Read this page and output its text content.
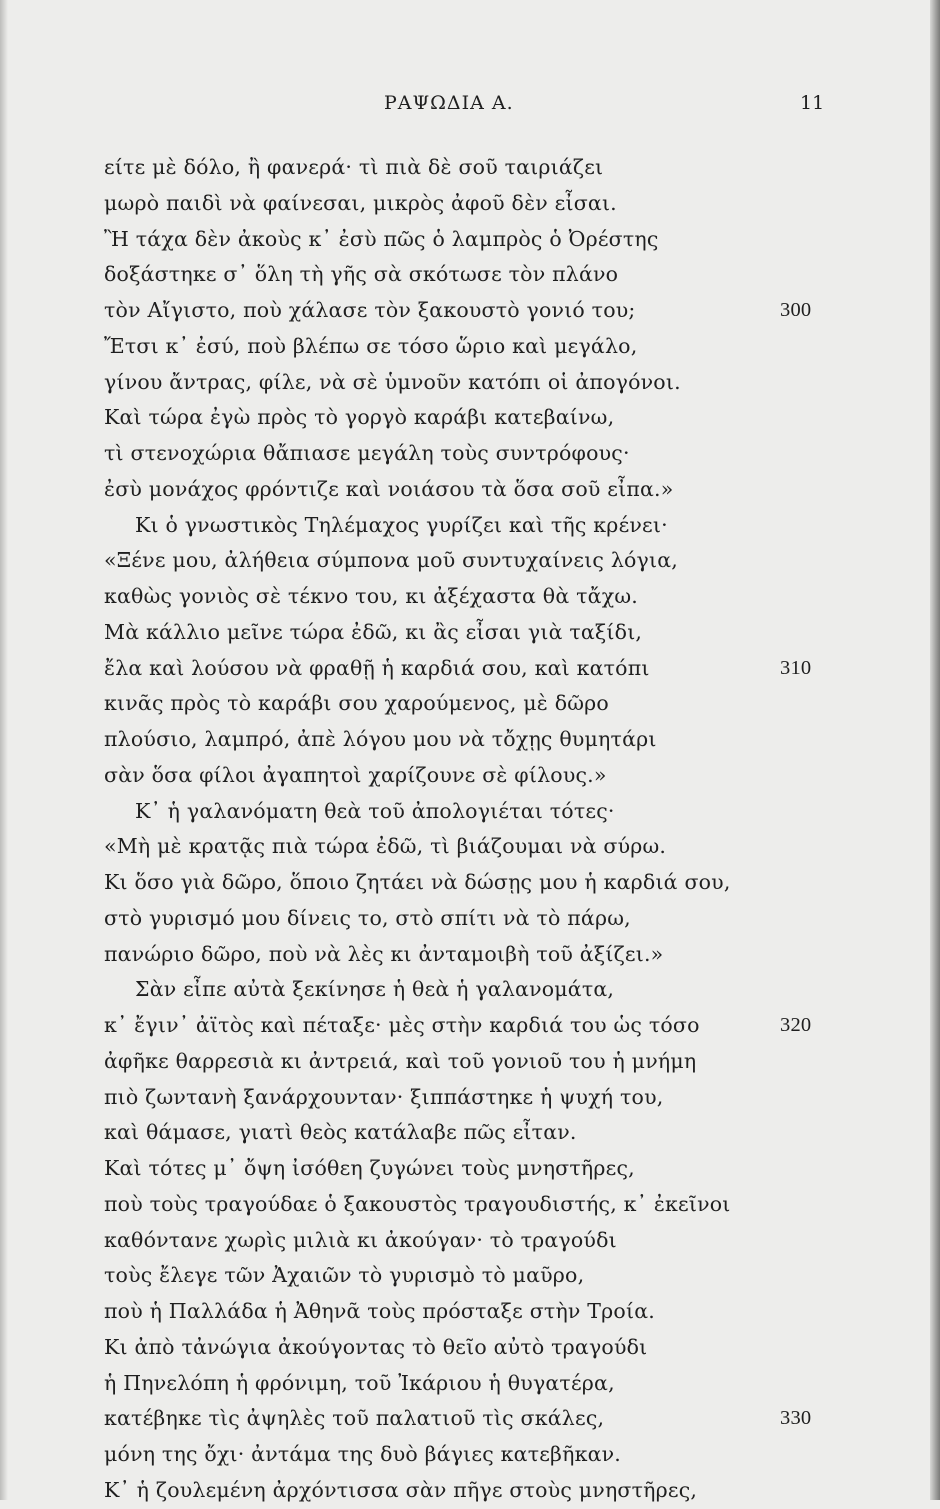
ΡΑΨΩΔΙΑ Α.	11
είτε μὲ δόλο, ἢ φανερά· τὶ πιὰ δὲ σοῦ ταιριάζει
μωρὸ παιδὶ νὰ φαίνεσαι, μικρὸς ἀφοῦ δὲν εἶσαι.
Ἢ τάχα δὲν ἀκοὺς κ᾿ ἐσὺ πῶς ὁ λαμπρὸς ὁ Ὀρέστης
δοξάστηκε σ᾿ ὅλη τὴ γῆς σὰ σκότωσε τὸν πλάνο
τὸν Αἴγιστο, ποὺ χάλασε τὸν ξακουστὸ γονιό του;	300
Ἔτσι κ᾿ ἐσύ, ποὺ βλέπω σε τόσο ὥριο καὶ μεγάλο,
γίνου ἄντρας, φίλε, νὰ σὲ ὑμνοῦν κατόπι οἱ ἀπογόνοι.
Καὶ τώρα ἐγὼ πρὸς τὸ γοργὸ καράβι κατεβαίνω,
τὶ στενοχώρια θἄπιασε μεγάλη τοὺς συντρόφους·
ἐσὺ μονάχος φρόντιζε καὶ νοιάσου τὰ ὅσα σοῦ εἶπα.»
Κι ὁ γνωστικὸς Τηλέμαχος γυρίζει καὶ τῆς κρένει·
«Ξένε μου, ἀλήθεια σύμπονα μοῦ συντυχαίνεις λόγια,
καθὼς γονιὸς σὲ τέκνο του, κι ἀξέχαστα θὰ τἄχω.
Μὰ κάλλιο μεῖνε τώρα ἐδῶ, κι ἂς εἶσαι γιὰ ταξίδι,
ἔλα καὶ λούσου νὰ φραθῇ ἡ καρδιά σου, καὶ κατόπι	310
κινᾶς πρὸς τὸ καράβι σου χαρούμενος, μὲ δῶρο
πλούσιο, λαμπρό, ἀπὲ λόγου μου νὰ τὄχῃς θυμητάρι
σὰν ὅσα φίλοι ἀγαπητοὶ χαρίζουνε σὲ φίλους.»
Κ᾿ ἡ γαλανόματη θεὰ τοῦ ἀπολογιέται τότες·
«Μὴ μὲ κρατᾷς πιὰ τώρα ἐδῶ, τὶ βιάζουμαι νὰ σύρω.
Κι ὅσο γιὰ δῶρο, ὅποιο ζητάει νὰ δώσῃς μου ἡ καρδιά σου,
στὸ γυρισμό μου δίνεις το, στὸ σπίτι νὰ τὸ πάρω,
πανώριο δῶρο, ποὺ νὰ λὲς κι ἀνταμοιβὴ τοῦ ἀξίζει.»
Σὰν εἶπε αὐτὰ ξεκίνησε ἡ θεὰ ἡ γαλανομάτα,
κ᾿ ἔγιν᾿ ἀϊτὸς καὶ πέταξε· μὲς στὴν καρδιά του ὡς τόσο	320
ἀφῆκε θαρρεσιὰ κι ἀντρειά, καὶ τοῦ γονιοῦ του ἡ μνήμη
πιὸ ζωντανὴ ξανάρχουνταν· ξιππάστηκε ἡ ψυχή του,
καὶ θάμασε, γιατὶ θεὸς κατάλαβε πῶς εἶταν.
Καὶ τότες μ᾿ ὄψη ἰσόθεη ζυγώνει τοὺς μνηστῆρες,
ποὺ τοὺς τραγούδαε ὁ ξακουστὸς τραγουδιστής, κ᾿ ἐκεῖνοι
καθόντανε χωρὶς μιλιὰ κι ἀκούγαν· τὸ τραγούδι
τοὺς ἔλεγε τῶν Ἀχαιῶν τὸ γυρισμὸ τὸ μαῦρο,
ποὺ ἡ Παλλάδα ἡ Ἀθηνᾶ τοὺς πρόσταξε στὴν Τροία.
Κι ἀπὸ τἀνώγια ἀκούγοντας τὸ θεῖο αὐτὸ τραγούδι
ἡ Πηνελόπη ἡ φρόνιμη, τοῦ Ἰκάριου ἡ θυγατέρα,
κατέβηκε τὶς ἀψηλὲς τοῦ παλατιοῦ τὶς σκάλες,	330
μόνη της ὄχι· ἀντάμα της δυὸ βάγιες κατεβῆκαν.
Κ᾿ ἡ ζουλεμένη ἀρχόντισσα σὰν πῆγε στοὺς μνηστῆρες,
